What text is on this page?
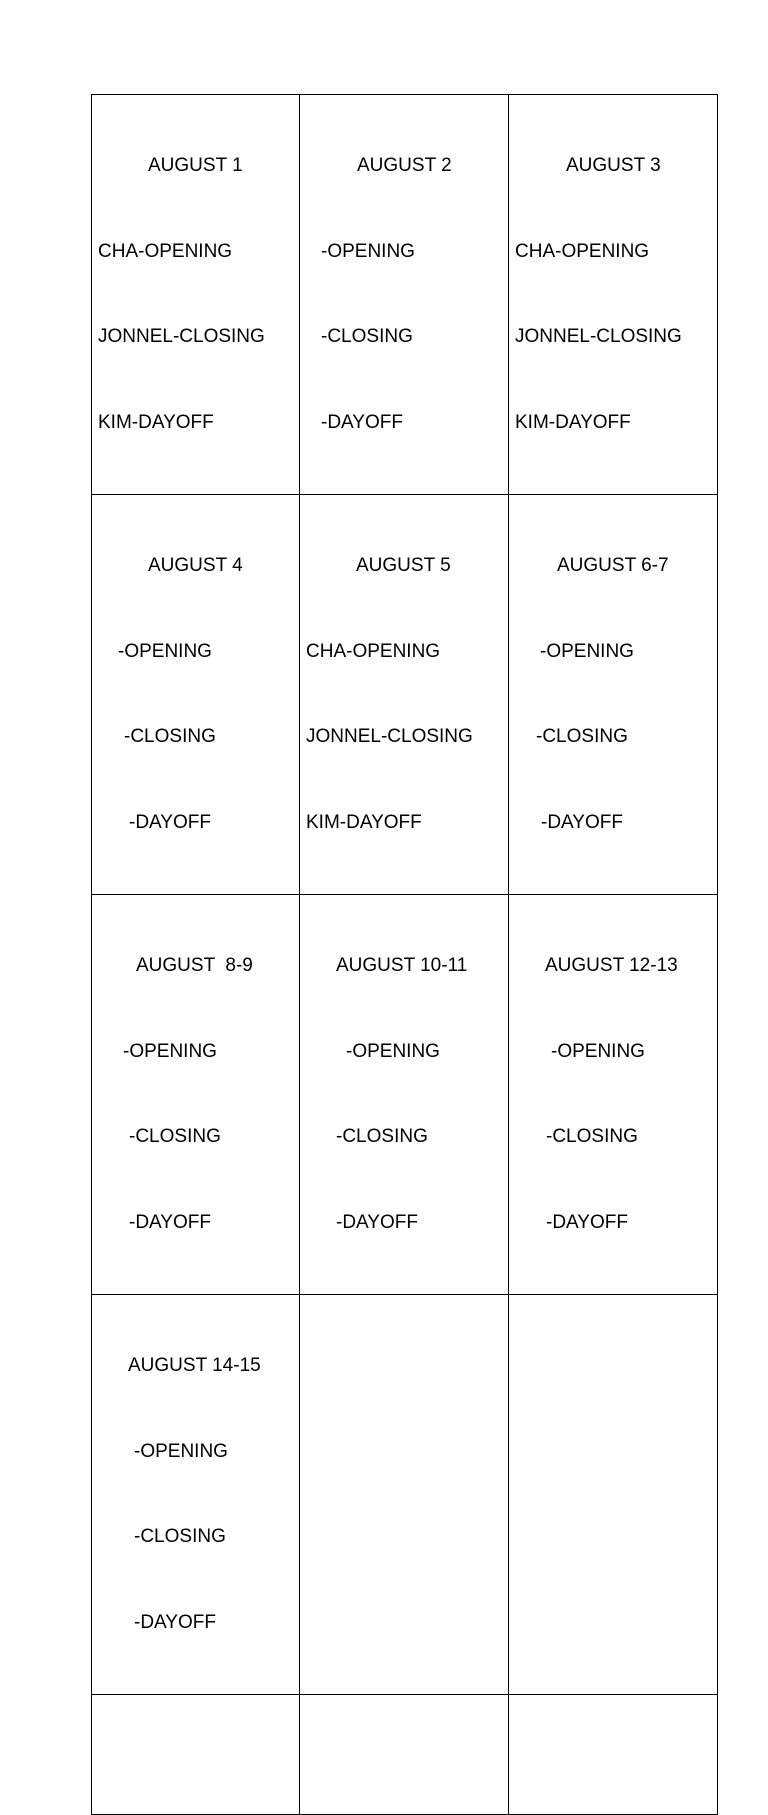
AUGUST 1

CHA-OPENING

JONNEL-CLOSING

KIM-DAYOFF	AUGUST 2

-OPENING

-CLOSING

-DAYOFF	AUGUST 3

CHA-OPENING

JONNEL-CLOSING

KIM-DAYOFF

AUGUST 4

-OPENING

-CLOSING

-DAYOFF	AUGUST 5

CHA-OPENING

JONNEL-CLOSING

KIM-DAYOFF	AUGUST 6-7

-OPENING

-CLOSING

-DAYOFF

AUGUST  8-9

-OPENING

-CLOSING

-DAYOFF	AUGUST 10-11

-OPENING

-CLOSING

-DAYOFF	AUGUST 12-13

-OPENING

-CLOSING

-DAYOFF

AUGUST 14-15

-OPENING

-CLOSING

-DAYOFF		
